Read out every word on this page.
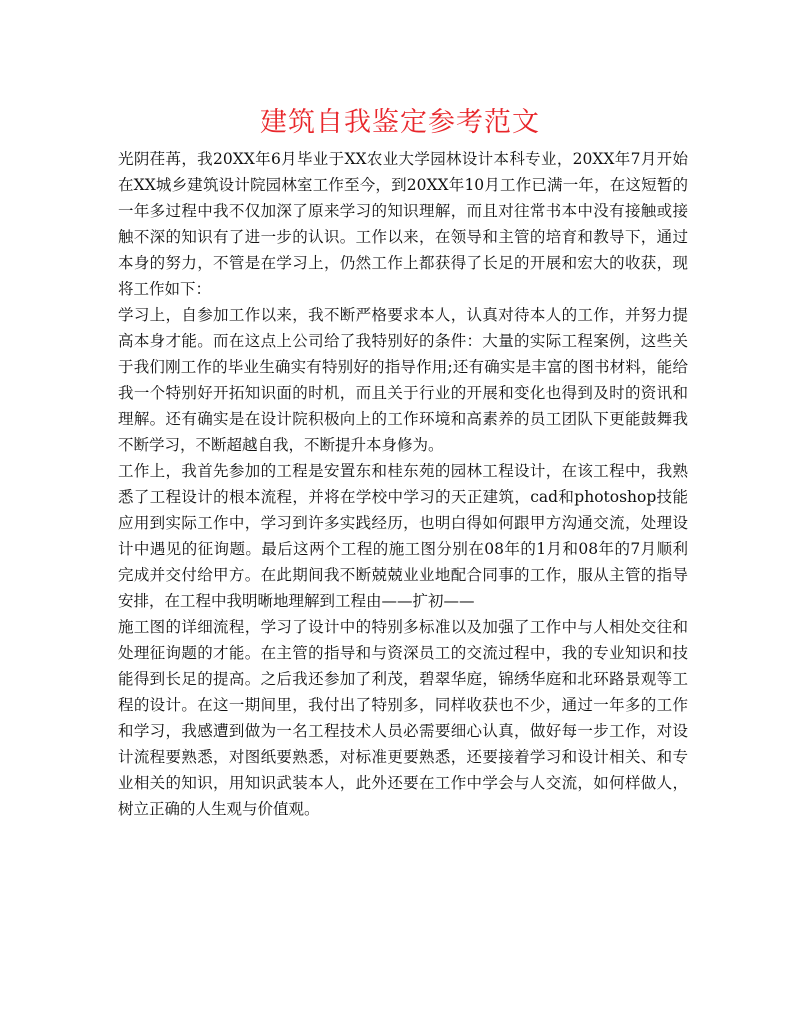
建筑自我鉴定参考范文

光阴荏苒，我20XX年6月毕业于XX农业大学园林设计本科专业，20XX年7月开始在XX城乡建筑设计院园林室工作至今，到20XX年10月工作已满一年，在这短暂的一年多过程中我不仅加深了原来学习的知识理解，而且对往常书本中没有接触或接触不深的知识有了进一步的认识。工作以来，在领导和主管的培育和教导下，通过本身的努力，不管是在学习上，仍然工作上都获得了长足的开展和宏大的收获，现将工作如下：

学习上，自参加工作以来，我不断严格要求本人，认真对待本人的工作，并努力提高本身才能。而在这点上公司给了我特别好的条件：大量的实际工程案例，这些关于我们刚工作的毕业生确实有特别好的指导作用;还有确实是丰富的图书材料，能给我一个特别好开拓知识面的时机，而且关于行业的开展和变化也得到及时的资讯和理解。还有确实是在设计院积极向上的工作环境和高素养的员工团队下更能鼓舞我不断学习，不断超越自我，不断提升本身修为。

工作上，我首先参加的工程是安置东和桂东苑的园林工程设计，在该工程中，我熟悉了工程设计的根本流程，并将在学校中学习的天正建筑，cad和photoshop技能应用到实际工作中，学习到许多实践经历，也明白得如何跟甲方沟通交流，处理设计中遇见的征询题。最后这两个工程的施工图分别在08年的1月和08年的7月顺利完成并交付给甲方。在此期间我不断兢兢业业地配合同事的工作，服从主管的指导安排，在工程中我明晰地理解到工程由——扩初——

施工图的详细流程，学习了设计中的特别多标准以及加强了工作中与人相处交往和处理征询题的才能。在主管的指导和与资深员工的交流过程中，我的专业知识和技能得到长足的提高。之后我还参加了利茂，碧翠华庭，锦绣华庭和北环路景观等工程的设计。在这一期间里，我付出了特别多，同样收获也不少，通过一年多的工作和学习，我感遭到做为一名工程技术人员必需要细心认真，做好每一步工作，对设计流程要熟悉，对图纸要熟悉，对标准更要熟悉，还要接着学习和设计相关、和专业相关的知识，用知识武装本人，此外还要在工作中学会与人交流，如何样做人，树立正确的人生观与价值观。
